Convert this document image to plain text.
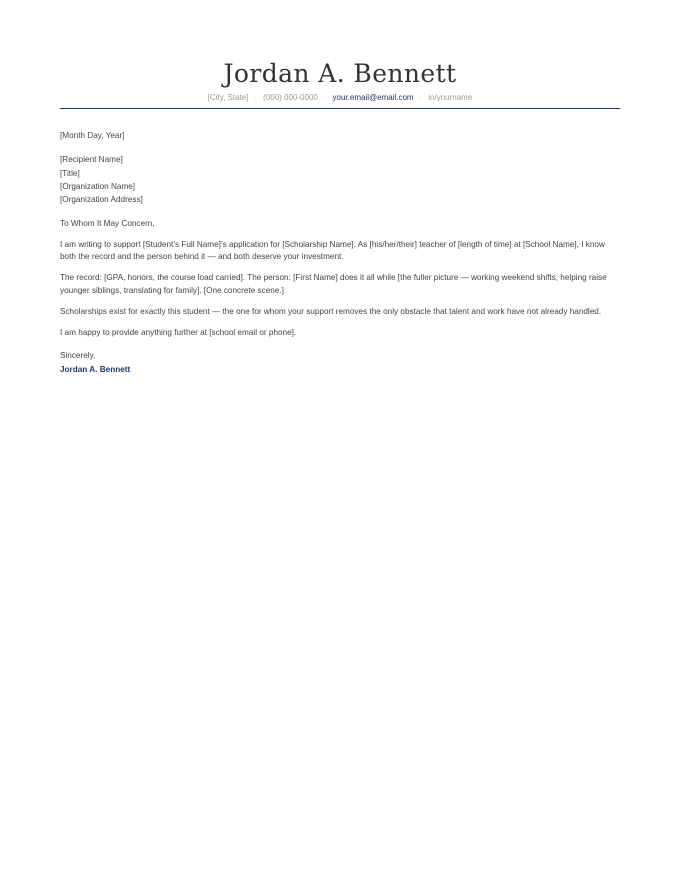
Jordan A. Bennett
[City, State] · (000) 000-0000 · your.email@email.com · in/yourname

[Month Day, Year]

[Recipient Name]
[Title]
[Organization Name]
[Organization Address]

To Whom It May Concern,

I am writing to support [Student’s Full Name]’s application for [Scholarship Name]. As [his/her/their] teacher of [length of time] at [School Name], I know both the record and the person behind it — and both deserve your investment.

The record: [GPA, honors, the course load carried]. The person: [First Name] does it all while [the fuller picture — working weekend shifts, helping raise younger siblings, translating for family]. [One concrete scene.]

Scholarships exist for exactly this student — the one for whom your support removes the only obstacle that talent and work have not already handled.

I am happy to provide anything further at [school email or phone].

Sincerely,

Jordan A. Bennett
